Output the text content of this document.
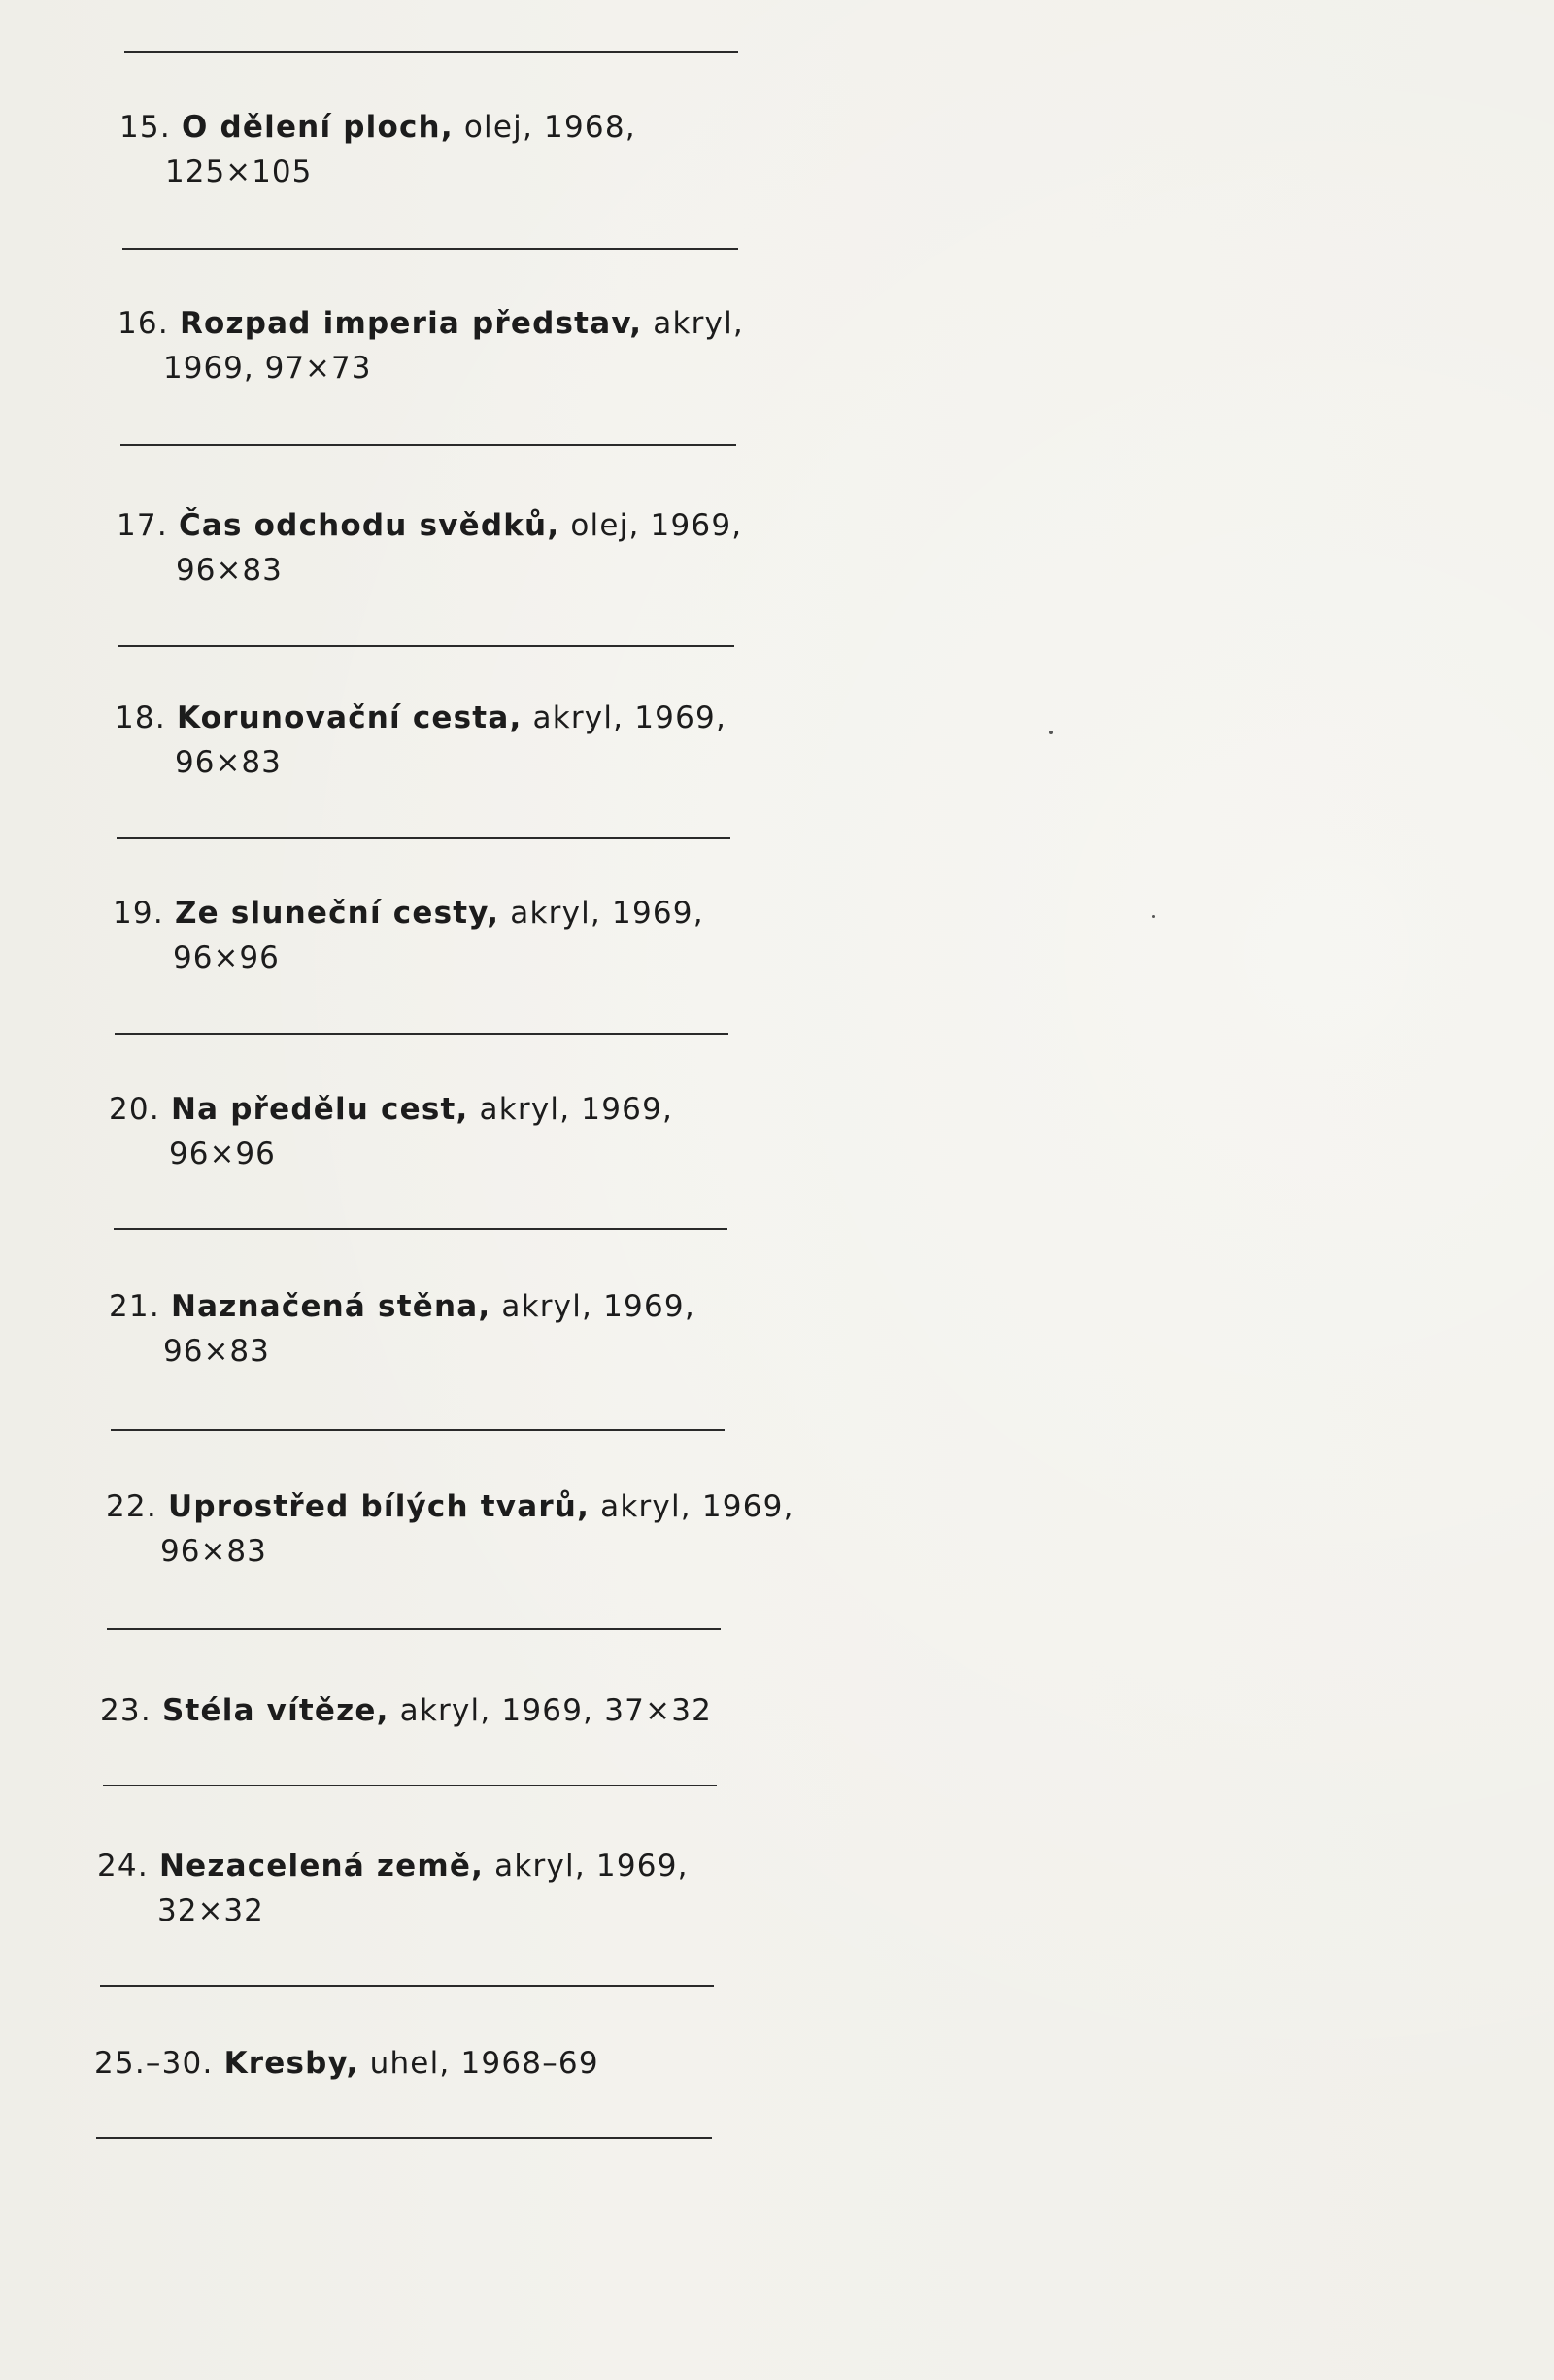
15. O dělení ploch, olej, 1968,
125×105
16. Rozpad imperia představ, akryl,
1969, 97×73
17. Čas odchodu svědků, olej, 1969,
96×83
18. Korunovační cesta, akryl, 1969,
96×83
19. Ze sluneční cesty, akryl, 1969,
96×96
20. Na předělu cest, akryl, 1969,
96×96
21. Naznačená stěna, akryl, 1969,
96×83
22. Uprostřed bílých tvarů, akryl, 1969,
96×83
23. Stéla vítěze, akryl, 1969, 37×32
24. Nezacelená země, akryl, 1969,
32×32
25.–30. Kresby, uhel, 1968–69
